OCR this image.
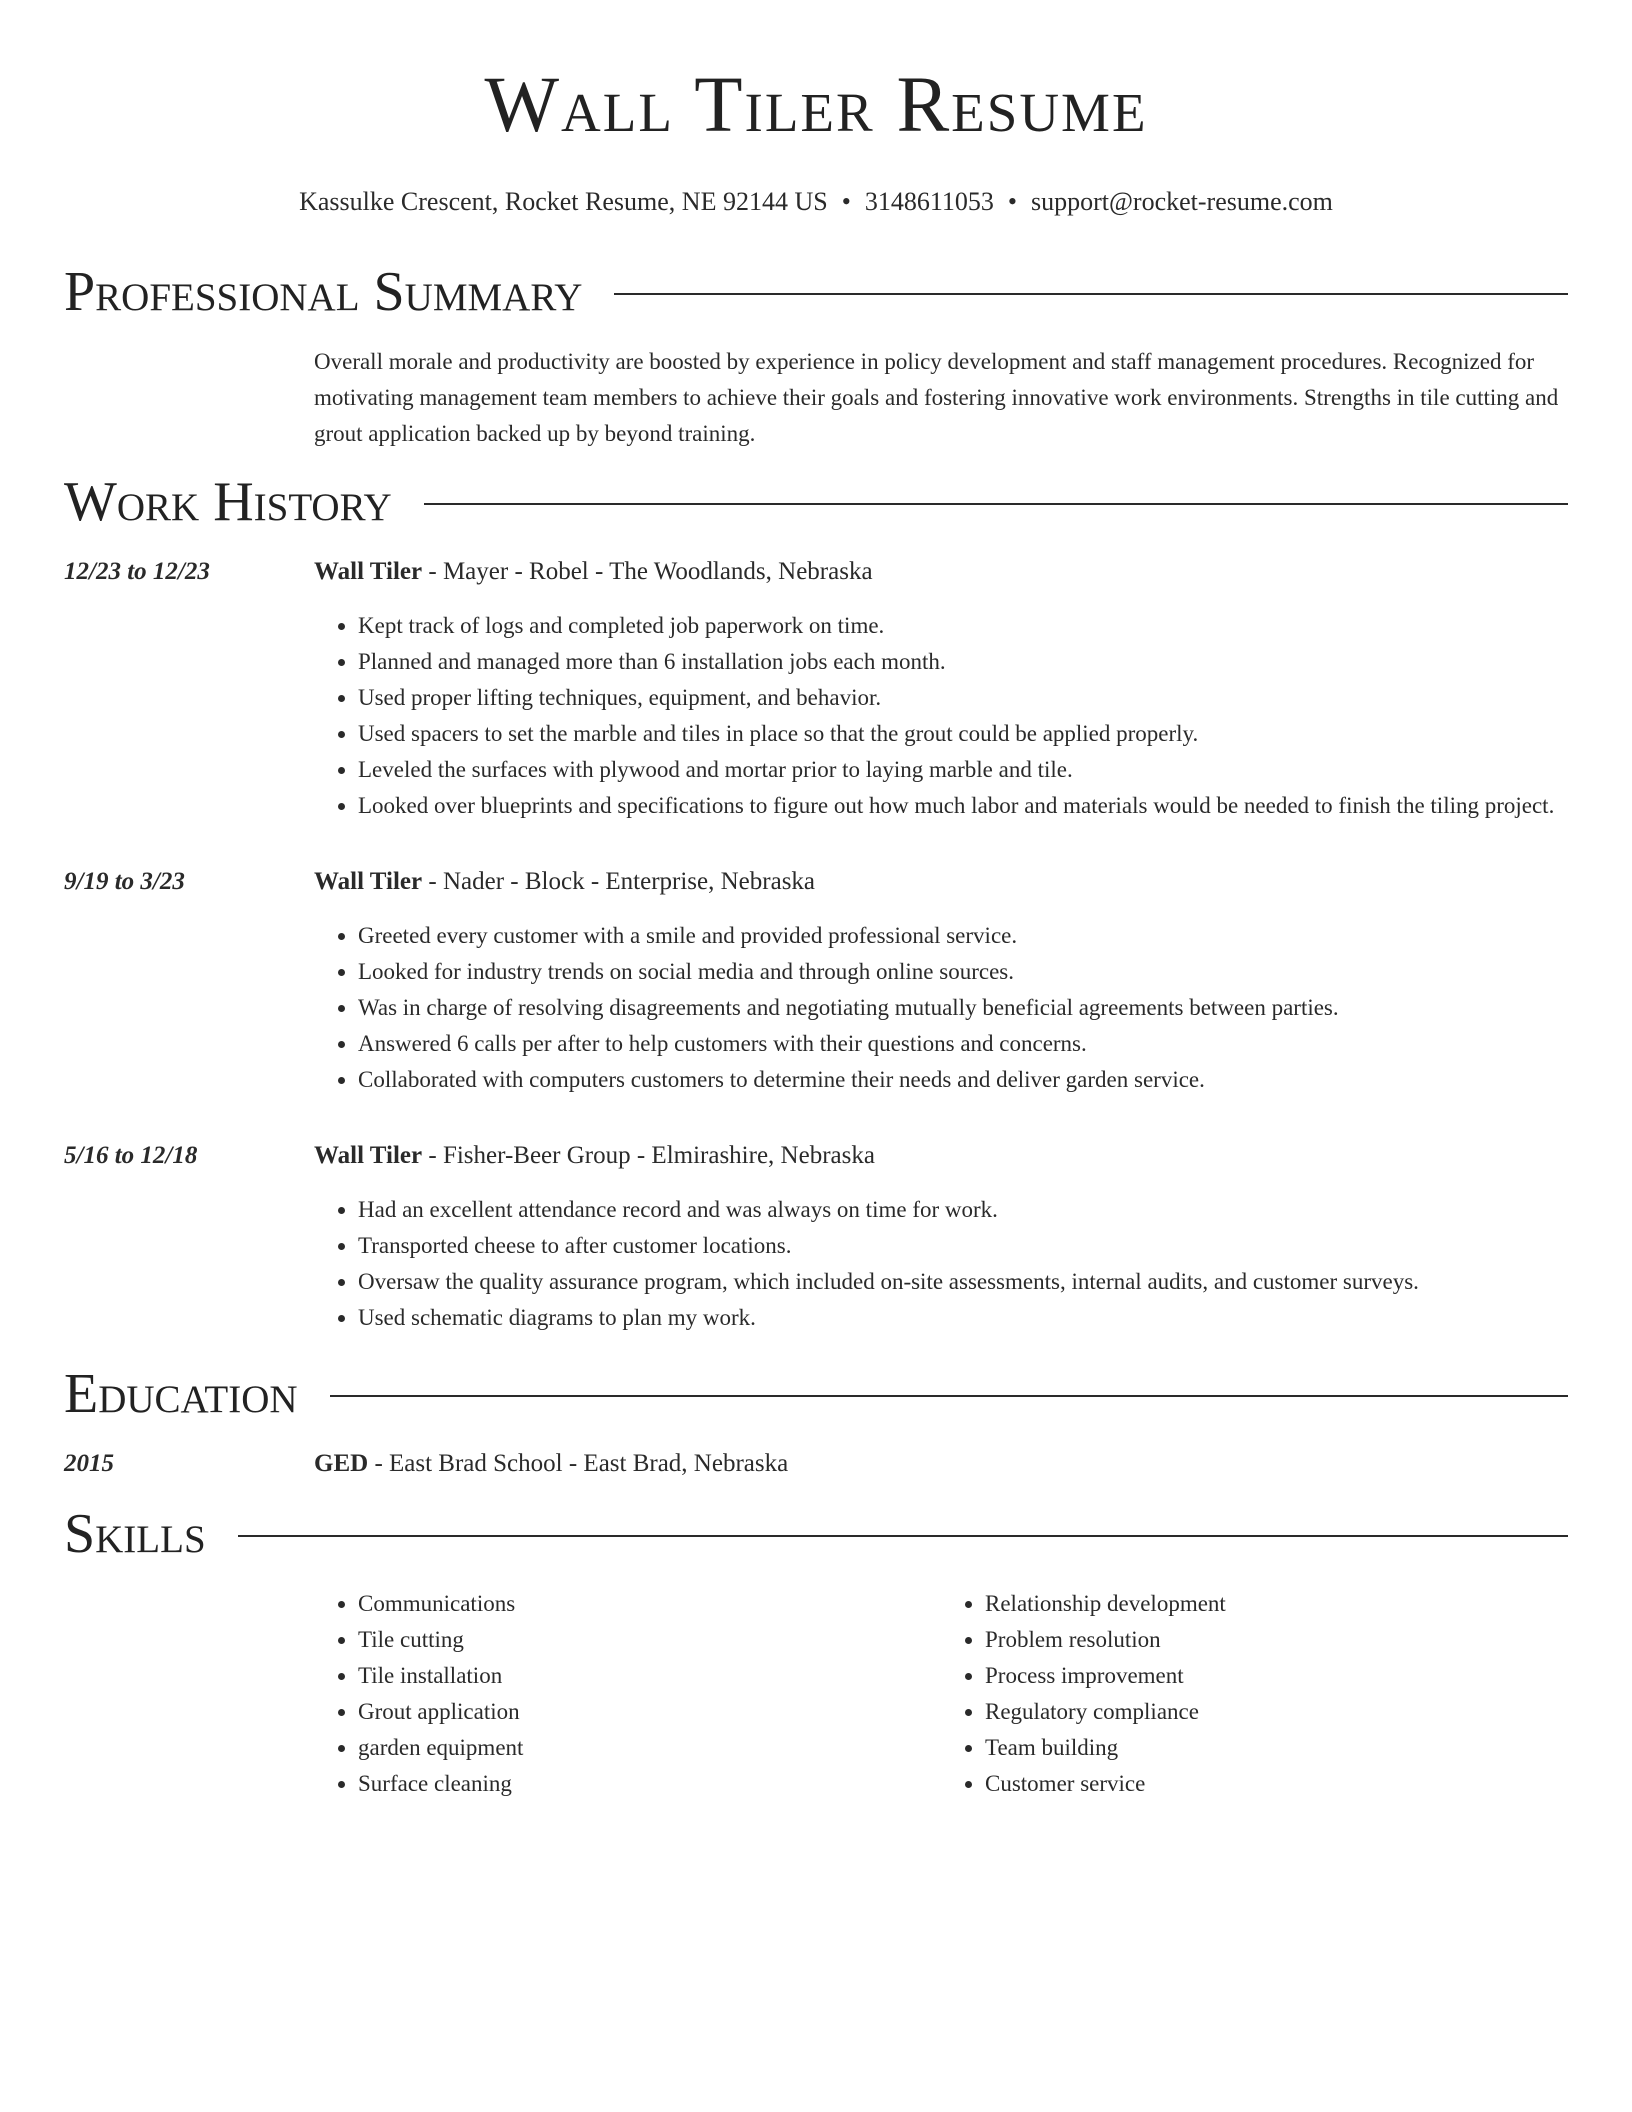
Wall Tiler Resume
Kassulke Crescent, Rocket Resume, NE 92144 US • 3148611053 • support@rocket-resume.com
Professional Summary

Overall morale and productivity are boosted by experience in policy development and staff management procedures. Recognized for motivating management team members to achieve their goals and fostering innovative work environments. Strengths in tile cutting and grout application backed up by beyond training.

Work History
12/23 to 12/23	Wall Tiler - Mayer - Robel - The Woodlands, Nebraska
• Kept track of logs and completed job paperwork on time.
• Planned and managed more than 6 installation jobs each month.
• Used proper lifting techniques, equipment, and behavior.
• Used spacers to set the marble and tiles in place so that the grout could be applied properly.
• Leveled the surfaces with plywood and mortar prior to laying marble and tile.
• Looked over blueprints and specifications to figure out how much labor and materials would be needed to finish the tiling project.
9/19 to 3/23	Wall Tiler - Nader - Block - Enterprise, Nebraska
• Greeted every customer with a smile and provided professional service.
• Looked for industry trends on social media and through online sources.
• Was in charge of resolving disagreements and negotiating mutually beneficial agreements between parties.
• Answered 6 calls per after to help customers with their questions and concerns.
• Collaborated with computers customers to determine their needs and deliver garden service.
5/16 to 12/18	Wall Tiler - Fisher-Beer Group - Elmirashire, Nebraska
• Had an excellent attendance record and was always on time for work.
• Transported cheese to after customer locations.
• Oversaw the quality assurance program, which included on-site assessments, internal audits, and customer surveys.
• Used schematic diagrams to plan my work.
Education
2015	GED - East Brad School - East Brad, Nebraska
Skills
• Communications
• Tile cutting
• Tile installation
• Grout application
• garden equipment
• Surface cleaning
• Relationship development
• Problem resolution
• Process improvement
• Regulatory compliance
• Team building
• Customer service
